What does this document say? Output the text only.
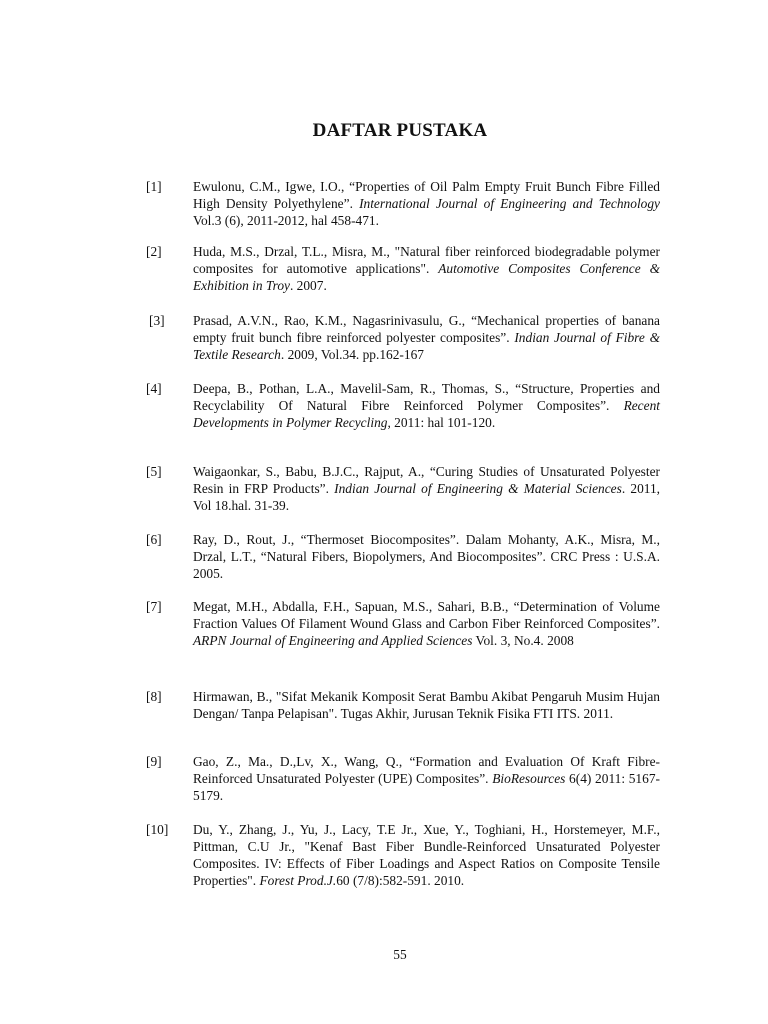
DAFTAR PUSTAKA
[1]	Ewulonu, C.M., Igwe, I.O., “Properties of Oil Palm Empty Fruit Bunch Fibre Filled High Density Polyethylene”. International Journal of Engineering and Technology Vol.3 (6), 2011-2012, hal 458-471.
[2]	Huda, M.S., Drzal, T.L., Misra, M., "Natural fiber reinforced biodegradable polymer composites for automotive applications". Automotive Composites Conference & Exhibition in Troy. 2007.
[3]	Prasad, A.V.N., Rao, K.M., Nagasrinivasulu, G., “Mechanical properties of banana empty fruit bunch fibre reinforced polyester composites”. Indian Journal of Fibre & Textile Research. 2009, Vol.34. pp.162-167
[4]	Deepa, B., Pothan, L.A., Mavelil-Sam, R., Thomas, S., “Structure, Properties and Recyclability Of Natural Fibre Reinforced Polymer Composites”. Recent Developments in Polymer Recycling, 2011: hal 101-120.
[5]	Waigaonkar, S., Babu, B.J.C., Rajput, A., “Curing Studies of Unsaturated Polyester Resin in FRP Products”. Indian Journal of Engineering & Material Sciences. 2011, Vol 18.hal. 31-39.
[6]	Ray, D., Rout, J., “Thermoset Biocomposites”. Dalam Mohanty, A.K., Misra, M., Drzal, L.T., “Natural Fibers, Biopolymers, And Biocomposites”. CRC Press : U.S.A. 2005.
[7]	Megat, M.H., Abdalla, F.H., Sapuan, M.S., Sahari, B.B., “Determination of Volume Fraction Values Of Filament Wound Glass and Carbon Fiber Reinforced Composites”. ARPN Journal of Engineering and Applied Sciences Vol. 3, No.4. 2008
[8]	Hirmawan, B., "Sifat Mekanik Komposit Serat Bambu Akibat Pengaruh Musim Hujan Dengan/ Tanpa Pelapisan". Tugas Akhir, Jurusan Teknik Fisika FTI ITS. 2011.
[9]	Gao, Z., Ma., D.,Lv, X., Wang, Q., “Formation and Evaluation Of Kraft Fibre-Reinforced Unsaturated Polyester (UPE) Composites”. BioResources 6(4) 2011: 5167-5179.
[10]	Du, Y., Zhang, J., Yu, J., Lacy, T.E Jr., Xue, Y., Toghiani, H., Horstemeyer, M.F., Pittman, C.U Jr., "Kenaf Bast Fiber Bundle-Reinforced Unsaturated Polyester Composites. IV: Effects of Fiber Loadings and Aspect Ratios on Composite Tensile Properties". Forest Prod.J.60 (7/8):582-591. 2010.
55
